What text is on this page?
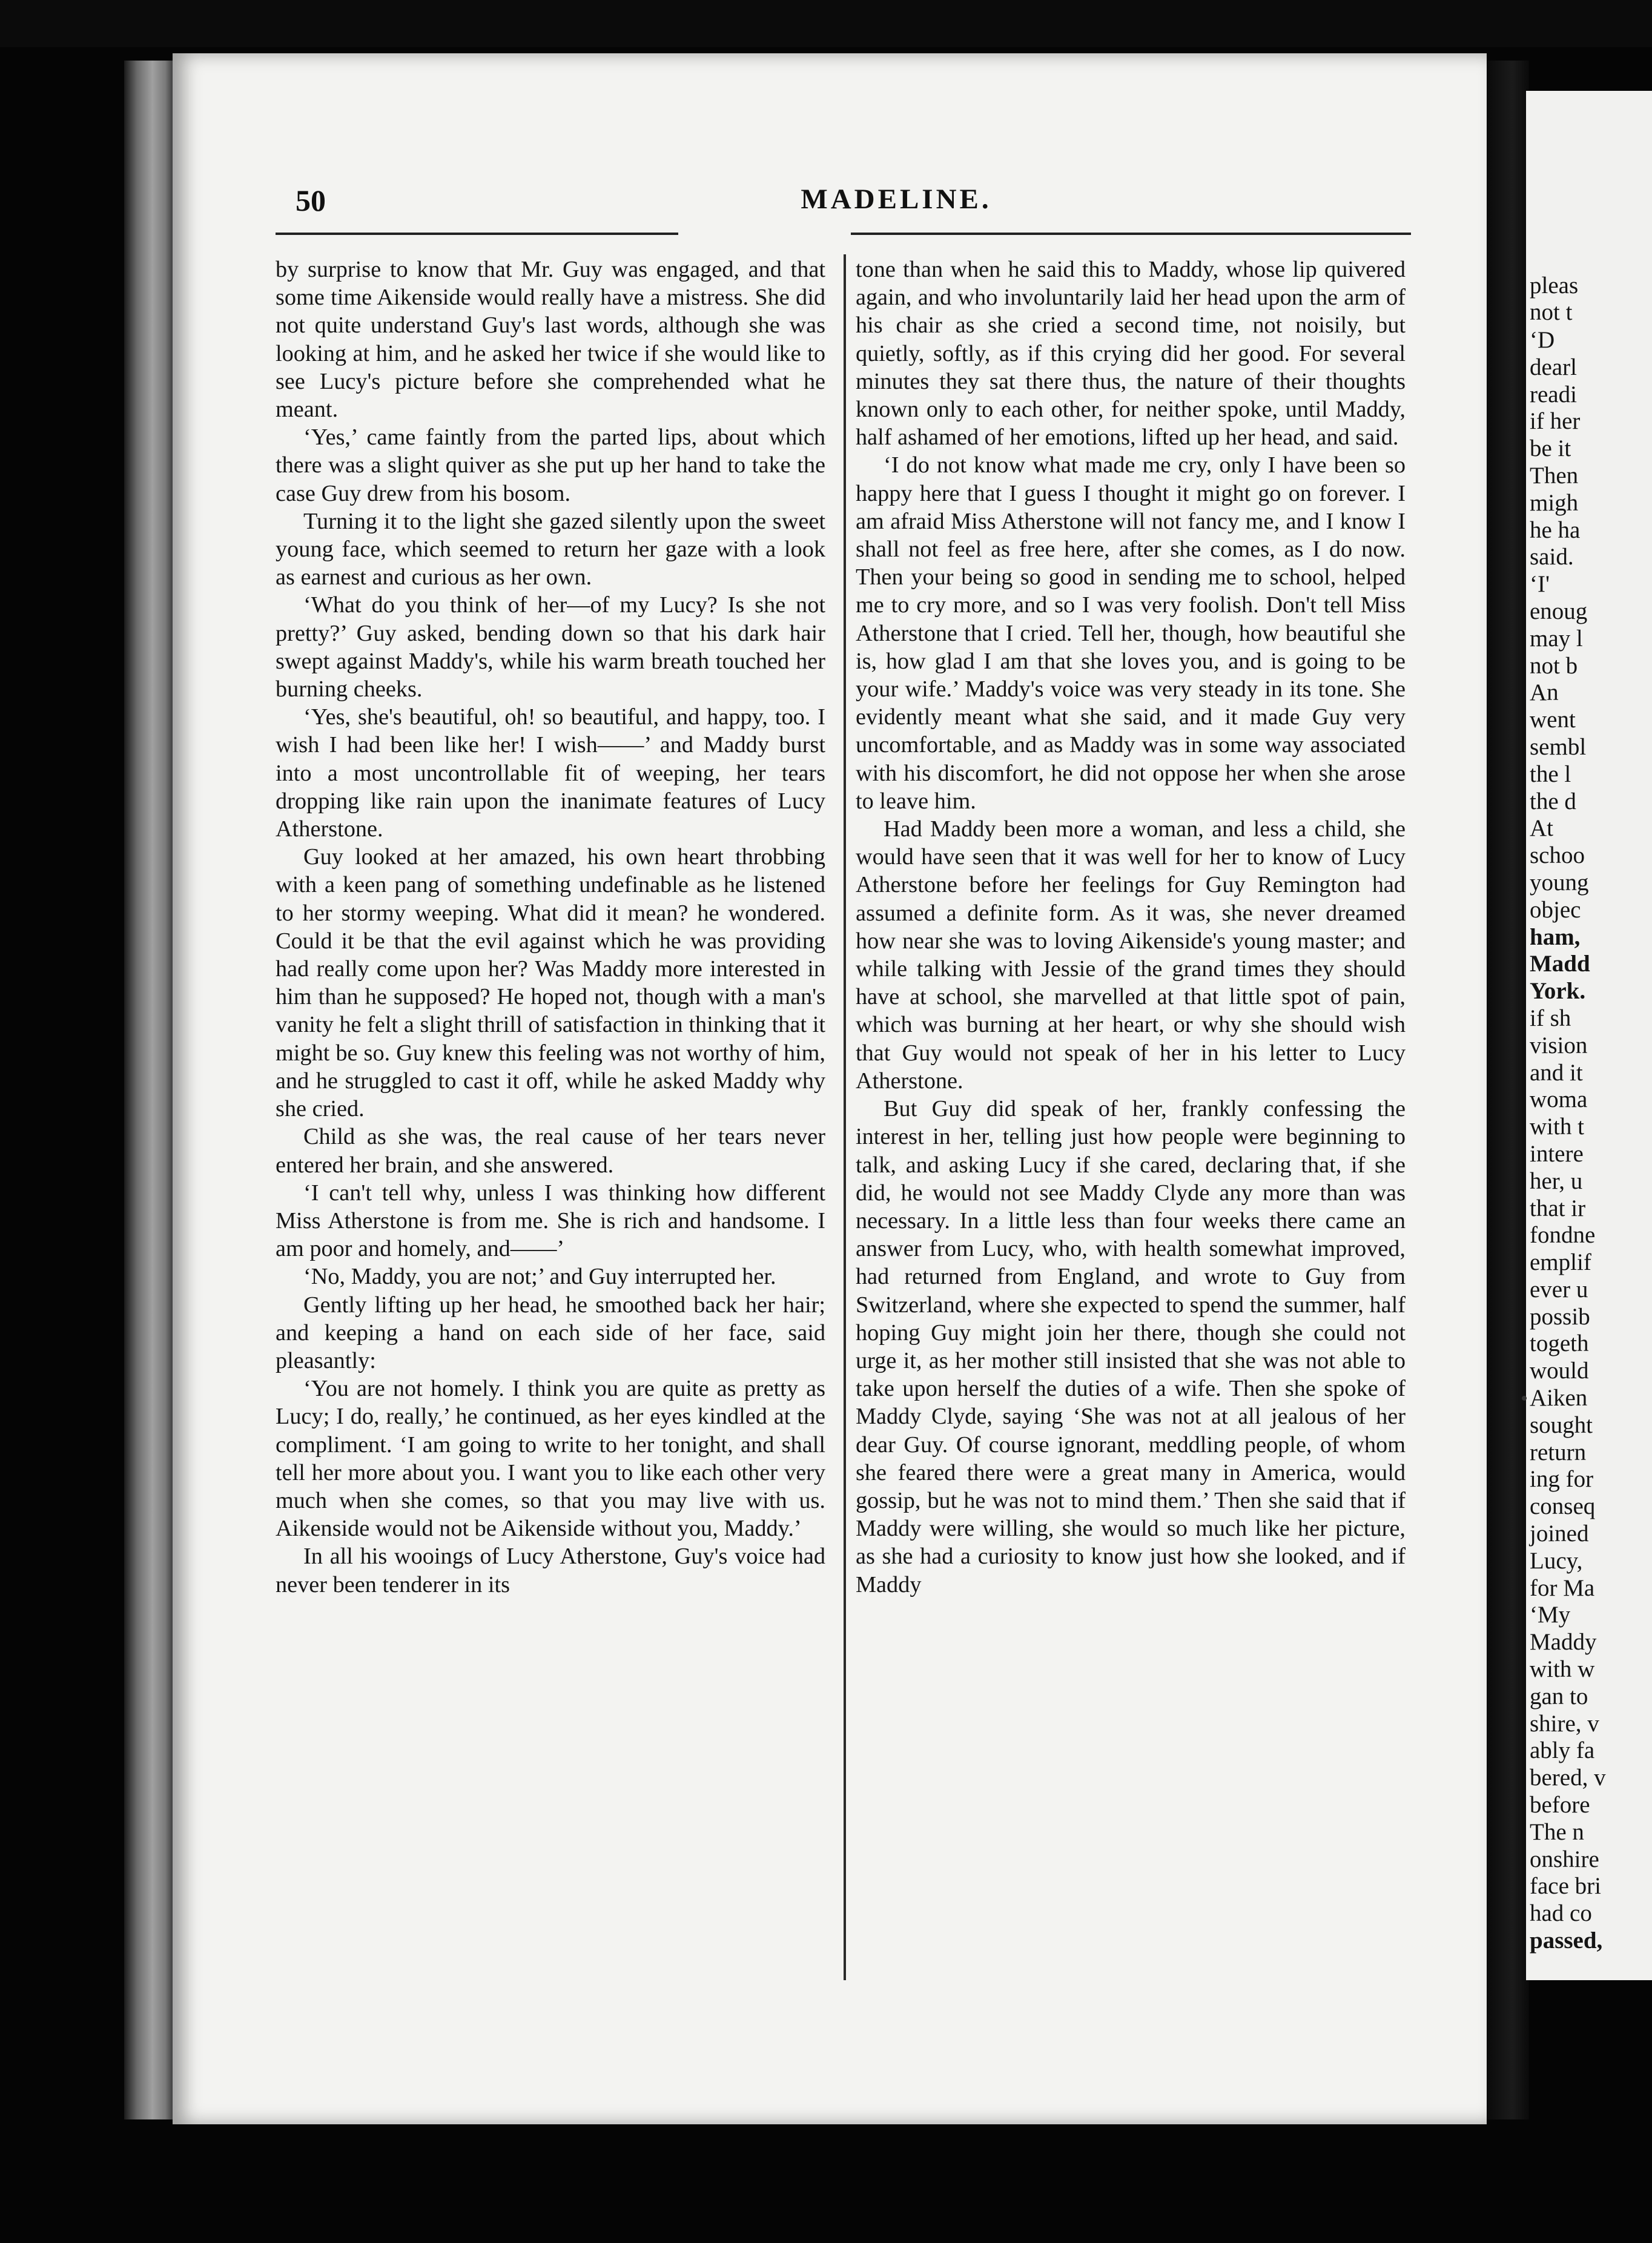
50	MADELINE.

by surprise to know that Mr. Guy was engaged, and that some time Aikenside would really have a mistress. She did not quite understand Guy's last words, although she was looking at him, and he asked her twice if she would like to see Lucy's picture before she comprehended what he meant.

‘Yes,’ came faintly from the parted lips, about which there was a slight quiver as she put up her hand to take the case Guy drew from his bosom.

Turning it to the light she gazed silently upon the sweet young face, which seemed to return her gaze with a look as earnest and curious as her own.

‘What do you think of her—of my Lucy? Is she not pretty?’ Guy asked, bending down so that his dark hair swept against Maddy's, while his warm breath touched her burning cheeks.

‘Yes, she's beautiful, oh! so beautiful, and happy, too. I wish I had been like her! I wish——’ and Maddy burst into a most uncontrollable fit of weeping, her tears dropping like rain upon the inanimate features of Lucy Atherstone.

Guy looked at her amazed, his own heart throbbing with a keen pang of something undefinable as he listened to her stormy weeping. What did it mean? he wondered. Could it be that the evil against which he was providing had really come upon her? Was Maddy more interested in him than he supposed? He hoped not, though with a man's vanity he felt a slight thrill of satisfaction in thinking that it might be so. Guy knew this feeling was not worthy of him, and he struggled to cast it off, while he asked Maddy why she cried.

Child as she was, the real cause of her tears never entered her brain, and she answered.

‘I can't tell why, unless I was thinking how different Miss Atherstone is from me. She is rich and handsome. I am poor and homely, and——’

‘No, Maddy, you are not;’ and Guy interrupted her.

Gently lifting up her head, he smoothed back her hair; and keeping a hand on each side of her face, said pleasantly:

‘You are not homely. I think you are quite as pretty as Lucy; I do, really,’ he continued, as her eyes kindled at the compliment. ‘I am going to write to her tonight, and shall tell her more about you. I want you to like each other very much when she comes, so that you may live with us. Aikenside would not be Aikenside without you, Maddy.’

In all his wooings of Lucy Atherstone, Guy's voice had never been tenderer in its

tone than when he said this to Maddy, whose lip quivered again, and who involuntarily laid her head upon the arm of his chair as she cried a second time, not noisily, but quietly, softly, as if this crying did her good. For several minutes they sat there thus, the nature of their thoughts known only to each other, for neither spoke, until Maddy, half ashamed of her emotions, lifted up her head, and said.

‘I do not know what made me cry, only I have been so happy here that I guess I thought it might go on forever. I am afraid Miss Atherstone will not fancy me, and I know I shall not feel as free here, after she comes, as I do now. Then your being so good in sending me to school, helped me to cry more, and so I was very foolish. Don't tell Miss Atherstone that I cried. Tell her, though, how beautiful she is, how glad I am that she loves you, and is going to be your wife.’ Maddy's voice was very steady in its tone. She evidently meant what she said, and it made Guy very uncomfortable, and as Maddy was in some way associated with his discomfort, he did not oppose her when she arose to leave him.

Had Maddy been more a woman, and less a child, she would have seen that it was well for her to know of Lucy Atherstone before her feelings for Guy Remington had assumed a definite form. As it was, she never dreamed how near she was to loving Aikenside's young master; and while talking with Jessie of the grand times they should have at school, she marvelled at that little spot of pain, which was burning at her heart, or why she should wish that Guy would not speak of her in his letter to Lucy Atherstone.

But Guy did speak of her, frankly confessing the interest in her, telling just how people were beginning to talk, and asking Lucy if she cared, declaring that, if she did, he would not see Maddy Clyde any more than was necessary. In a little less than four weeks there came an answer from Lucy, who, with health somewhat improved, had returned from England, and wrote to Guy from Switzerland, where she expected to spend the summer, half hoping Guy might join her there, though she could not urge it, as her mother still insisted that she was not able to take upon herself the duties of a wife. Then she spoke of Maddy Clyde, saying ‘She was not at all jealous of her dear Guy. Of course ignorant, meddling people, of whom she feared there were a great many in America, would gossip, but he was not to mind them.’ Then she said that if Maddy were willing, she would so much like her picture, as she had a curiosity to know just how she looked, and if Maddy

pleas
not t
‘D
dearl
readi
if her
be it
Then
migh
he ha
said.
‘I'
enoug
may l
not b
An
went
sembl
the l
the d
At
schoo
young
objec
ham,
Madd
York.
if sh
vision
and it
woma
with t
intere
her, u
that ir
fondne
emplif
ever u
possib
togeth
would
Aiken
sought
return
ing for
conseq
joined
Lucy,
for Ma
‘My
Maddy
with w
gan to
shire, v
ably fa
bered, v
before
The n
onshire
face bri
had co
passed,
